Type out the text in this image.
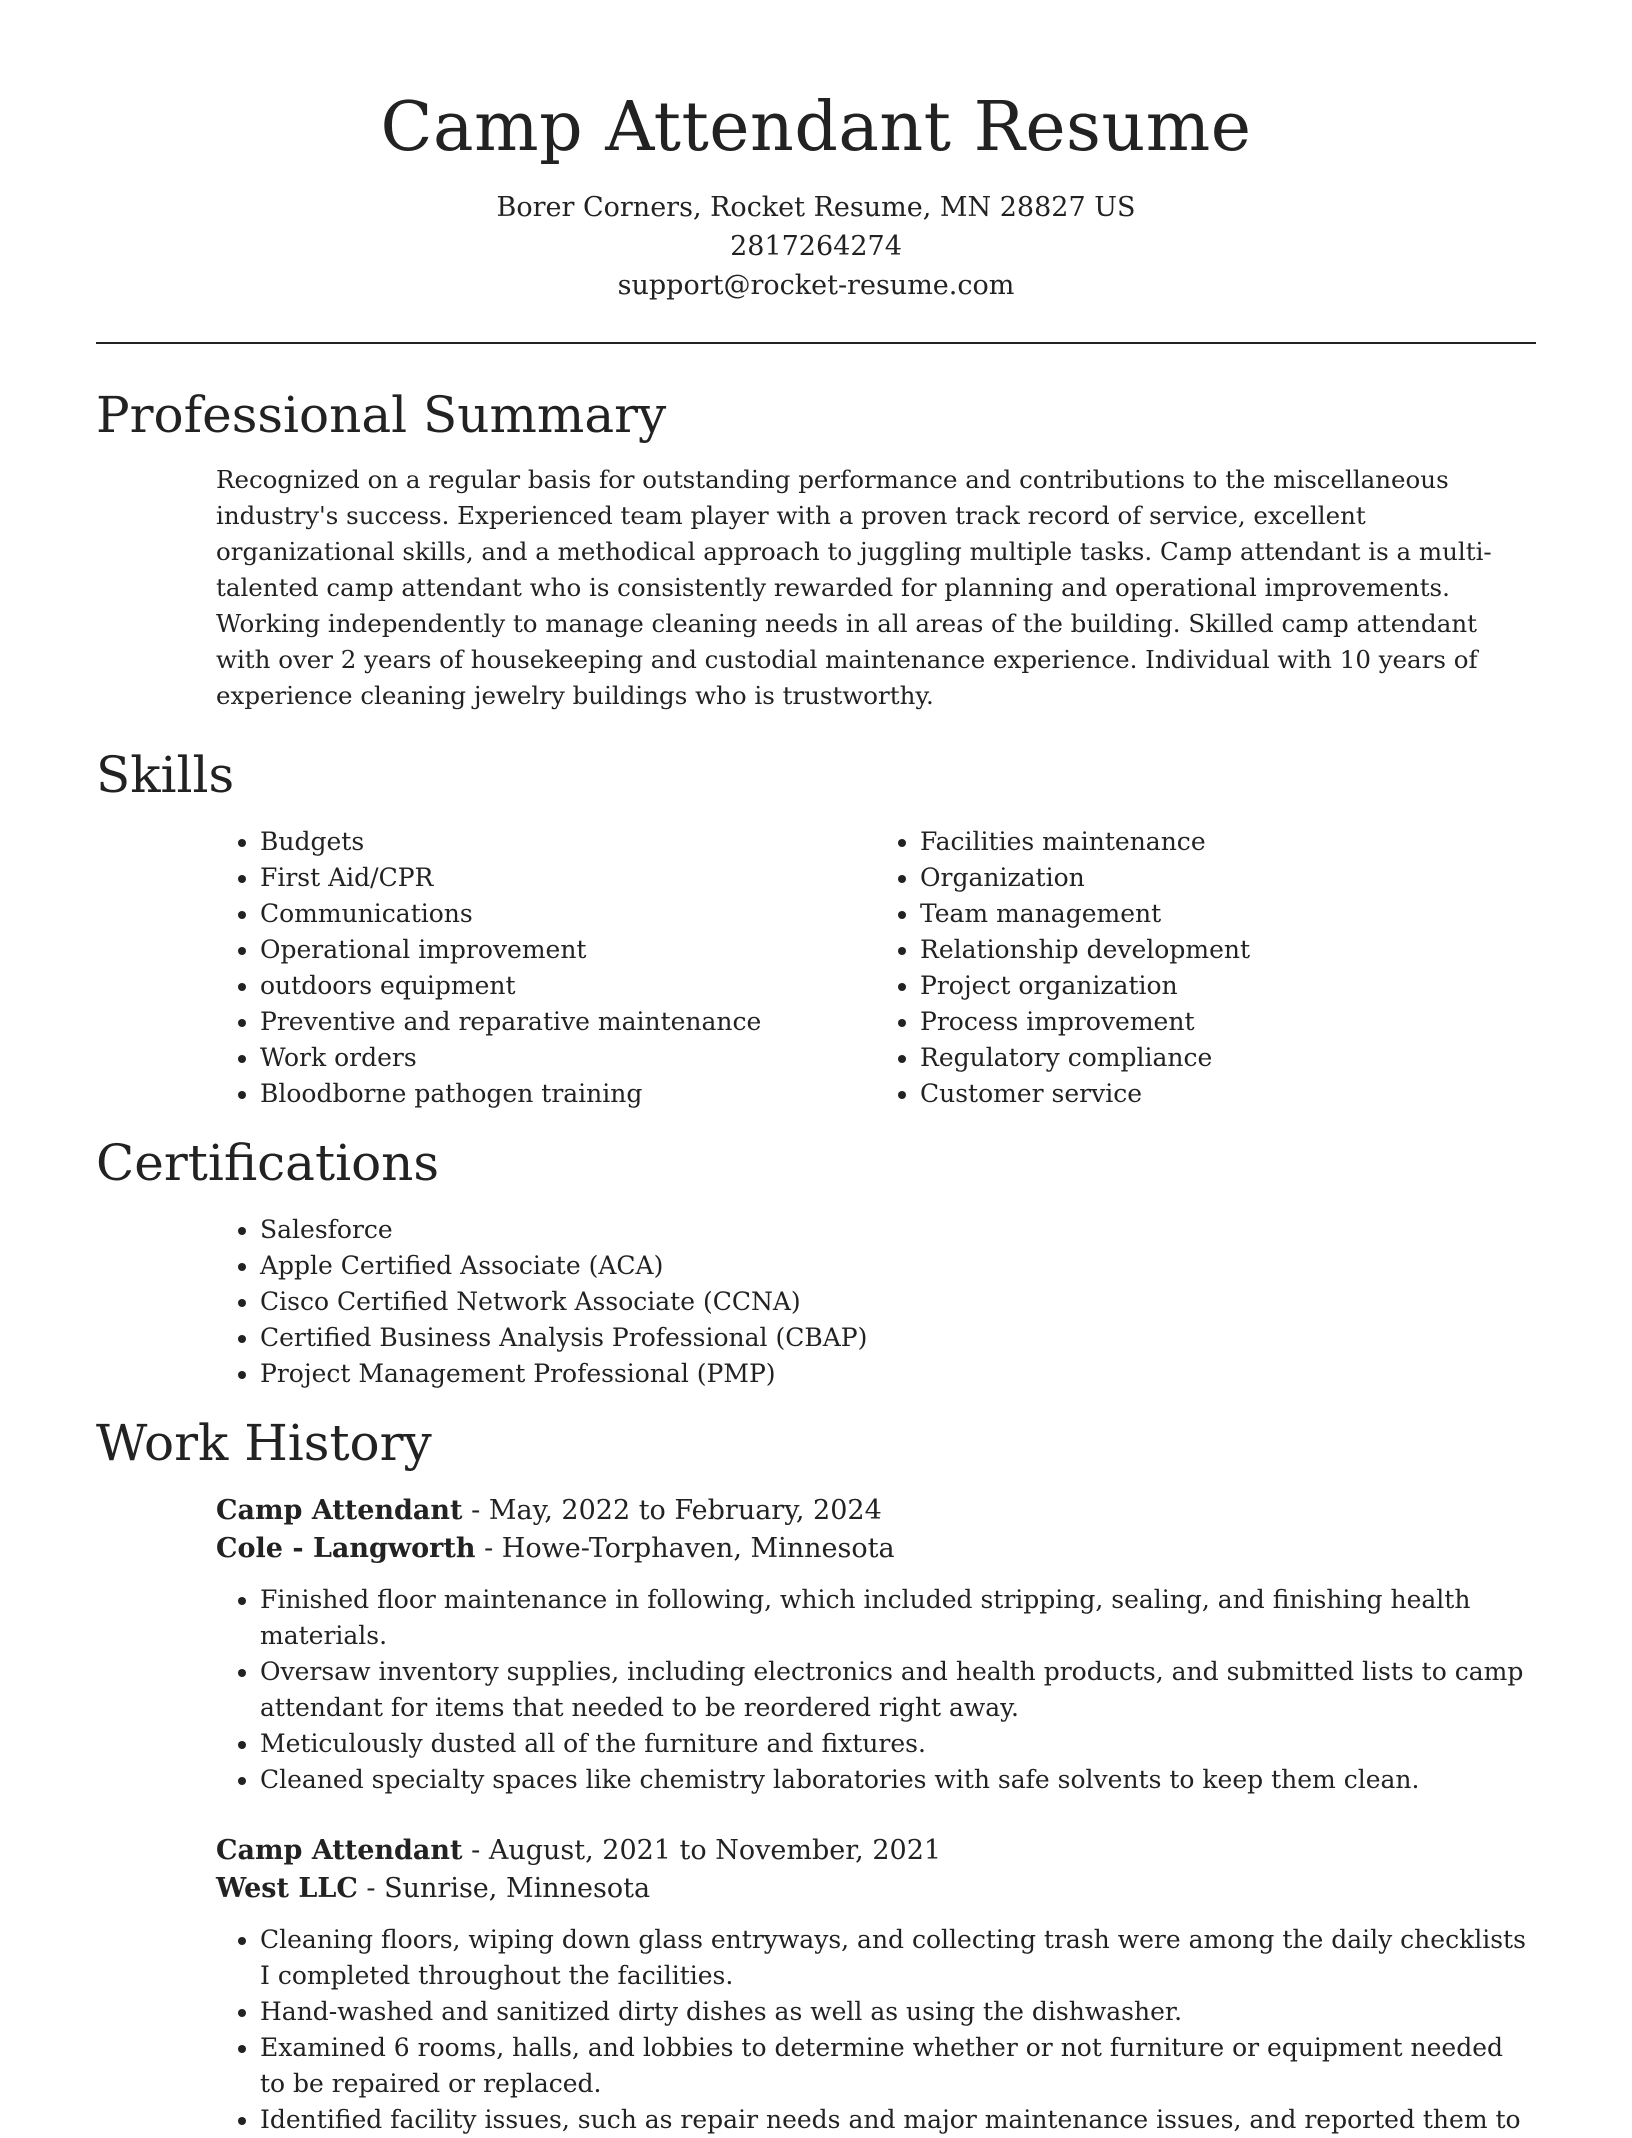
Camp Attendant Resume
Borer Corners, Rocket Resume, MN 28827 US
2817264274
support@rocket-resume.com
Professional Summary

Recognized on a regular basis for outstanding performance and contributions to the miscellaneous industry's success. Experienced team player with a proven track record of service, excellent organizational skills, and a methodical approach to juggling multiple tasks. Camp attendant is a multi-talented camp attendant who is consistently rewarded for planning and operational improvements. Working independently to manage cleaning needs in all areas of the building. Skilled camp attendant with over 2 years of housekeeping and custodial maintenance experience. Individual with 10 years of experience cleaning jewelry buildings who is trustworthy.

Skills
• Budgets
• First Aid/CPR
• Communications
• Operational improvement
• outdoors equipment
• Preventive and reparative maintenance
• Work orders
• Bloodborne pathogen training
• Facilities maintenance
• Organization
• Team management
• Relationship development
• Project organization
• Process improvement
• Regulatory compliance
• Customer service
Certifications
• Salesforce
• Apple Certified Associate (ACA)
• Cisco Certified Network Associate (CCNA)
• Certified Business Analysis Professional (CBAP)
• Project Management Professional (PMP)
Work History
Camp Attendant - May, 2022 to February, 2024
Cole - Langworth - Howe-Torphaven, Minnesota
• Finished floor maintenance in following, which included stripping, sealing, and finishing health materials.
• Oversaw inventory supplies, including electronics and health products, and submitted lists to camp attendant for items that needed to be reordered right away.
• Meticulously dusted all of the furniture and fixtures.
• Cleaned specialty spaces like chemistry laboratories with safe solvents to keep them clean.
Camp Attendant - August, 2021 to November, 2021
West LLC - Sunrise, Minnesota
• Cleaning floors, wiping down glass entryways, and collecting trash were among the daily checklists I completed throughout the facilities.
• Hand-washed and sanitized dirty dishes as well as using the dishwasher.
• Examined 6 rooms, halls, and lobbies to determine whether or not furniture or equipment needed to be repaired or replaced.
• Identified facility issues, such as repair needs and major maintenance issues, and reported them to
